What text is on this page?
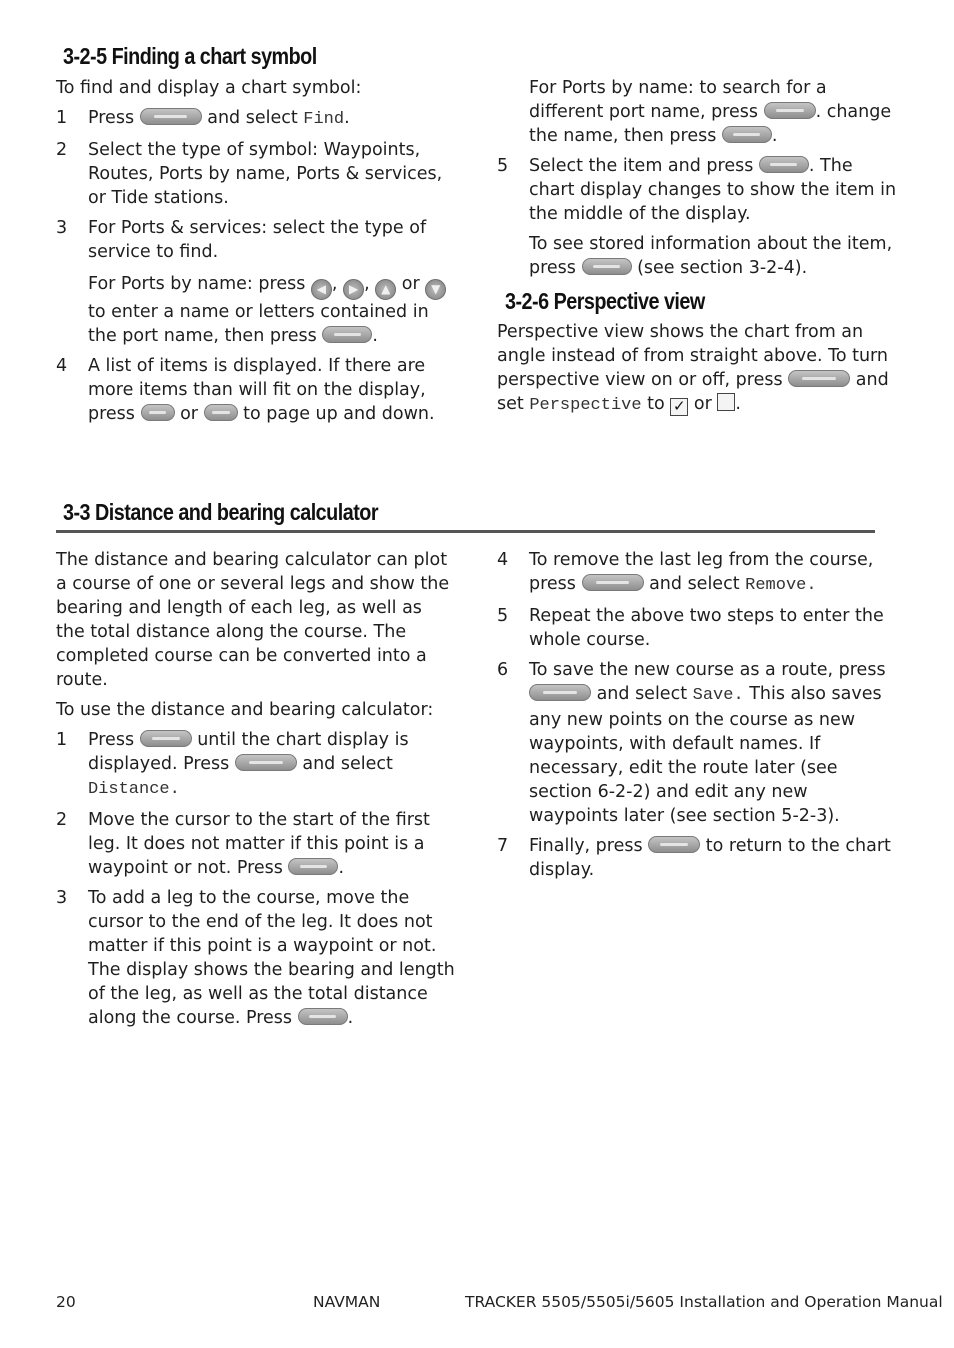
3-2-5 Finding a chart symbol

To find and display a chart symbol:

1 Press	and select Find.

2 Select the type of symbol: Waypoints, Routes, Ports by name, Ports & services, or Tide stations.

3 For Ports & services: select the type of service to find.

For Ports by name: press ◀ , ▶ , ▲ or ▼ to enter a name or letters contained in the port name, then press	.

4 A list of items is displayed. If there are more items than will fit on the display, press	or	to page up and down.

For Ports by name: to search for a different port name, press	. change the name, then press	.

5 Select the item and press	. The chart display changes to show the item in the middle of the display.

To see stored information about the item, press	(see section 3-2-4).

3-2-6 Perspective view

Perspective view shows the chart from an angle instead of from straight above. To turn perspective view on or off, press	and set Perspective to ✓ or .

3-3 Distance and bearing calculator

The distance and bearing calculator can plot a course of one or several legs and show the bearing and length of each leg, as well as the total distance along the course. The completed course can be converted into a route.

To use the distance and bearing calculator:

1 Press	until the chart display is displayed. Press	and select
Distance.

2 Move the cursor to the start of the first leg. It does not matter if this point is a waypoint or not. Press	.

3 To add a leg to the course, move the cursor to the end of the leg. It does not matter if this point is a waypoint or not. The display shows the bearing and length of the leg, as well as the total distance along the course. Press	.

4 To remove the last leg from the course, press	and select Remove.

5 Repeat the above two steps to enter the whole course.

6 To save the new course as a route, press  and select Save. This also saves any new points on the course as new waypoints, with default names. If necessary, edit the route later (see section 6-2-2) and edit any new waypoints later (see section 5-2-3).

7 Finally, press	to return to the chart display.

20	NAVMAN	TRACKER 5505/5505i/5605 Installation and Operation Manual
